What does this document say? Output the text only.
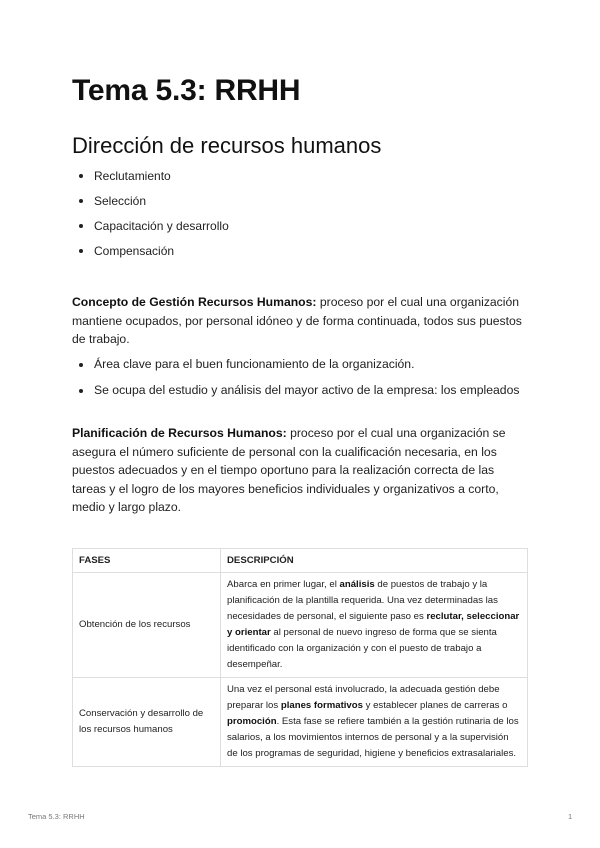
Tema 5.3: RRHH
Dirección de recursos humanos
Reclutamiento
Selección
Capacitación y desarrollo
Compensación

Concepto de Gestión Recursos Humanos: proceso por el cual una organización mantiene ocupados, por personal idóneo y de forma continuada, todos sus puestos de trabajo.

Área clave para el buen funcionamiento de la organización.
Se ocupa del estudio y análisis del mayor activo de la empresa: los empleados

Planificación de Recursos Humanos: proceso por el cual una organización se asegura el número suficiente de personal con la cualificación necesaria, en los puestos adecuados y en el tiempo oportuno para la realización correcta de las tareas y el logro de los mayores beneficios individuales y organizativos a corto, medio y largo plazo.

FASES	DESCRIPCIÓN
Obtención de los recursos	Abarca en primer lugar, el análisis de puestos de trabajo y la planificación de la plantilla requerida. Una vez determinadas las necesidades de personal, el siguiente paso es reclutar, seleccionar y orientar al personal de nuevo ingreso de forma que se sienta identificado con la organización y con el puesto de trabajo a desempeñar.
Conservación y desarrollo de los recursos humanos	Una vez el personal está involucrado, la adecuada gestión debe preparar los planes formativos y establecer planes de carreras o promoción. Esta fase se refiere también a la gestión rutinaria de los salarios, a los movimientos internos de personal y a la supervisión de los programas de seguridad, higiene y beneficios extrasalariales.
Tema 5.3: RRHH	1
